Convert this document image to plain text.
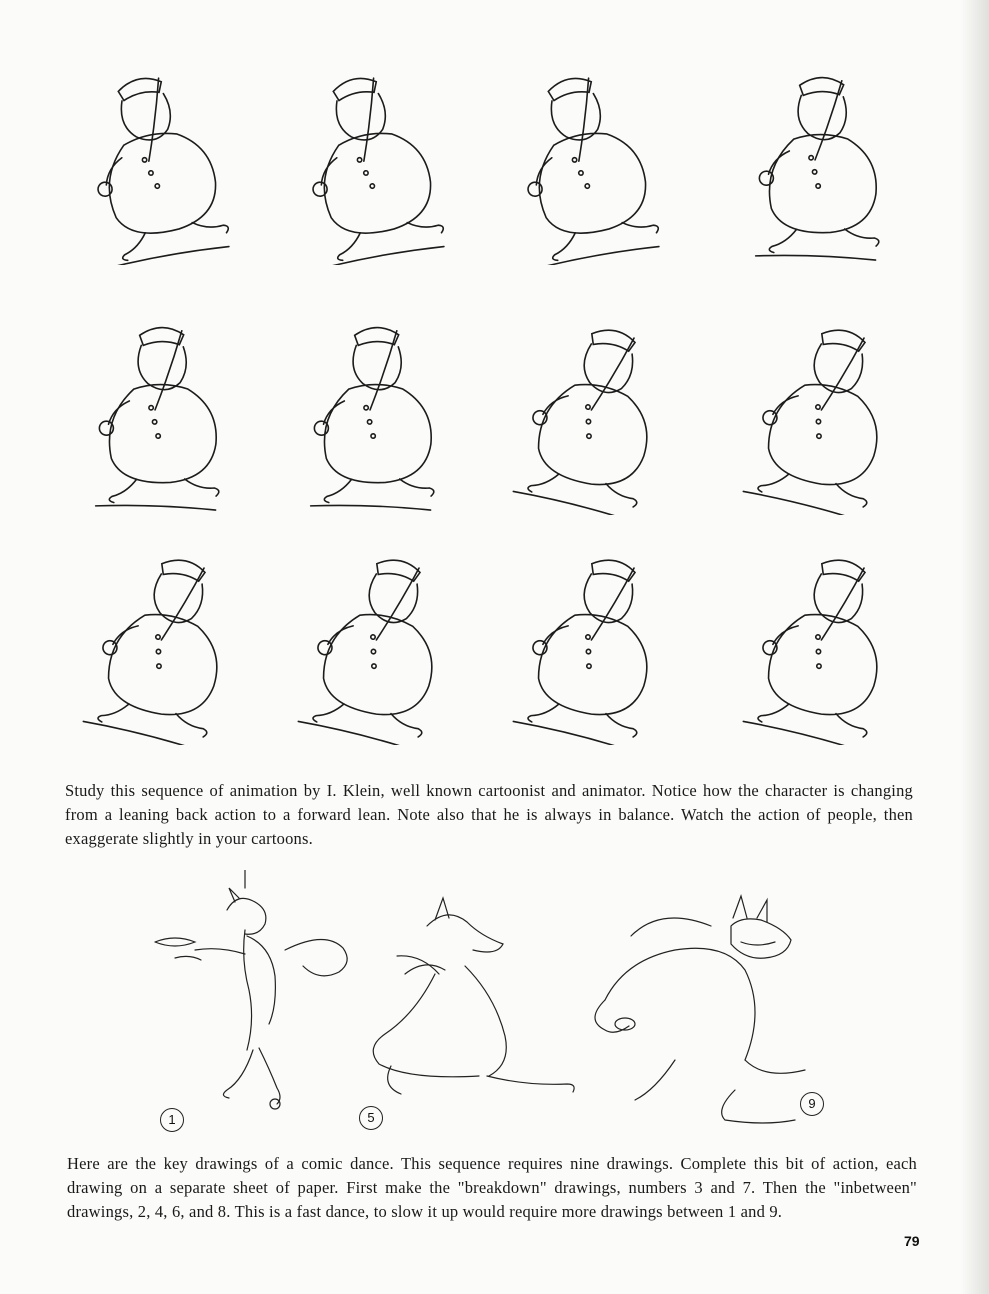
Study this sequence of animation by I. Klein, well known cartoonist and animator. Notice how the character is changing from a leaning back action to a forward lean. Note also that he is always in balance. Watch the action of people, then exaggerate slightly in your cartoons.

1	5
9

Here are the key drawings of a comic dance. This sequence requires nine drawings. Complete this bit of action, each drawing on a separate sheet of paper. First make the "breakdown" drawings, numbers 3 and 7. Then the "inbetween" drawings, 2, 4, 6, and 8. This is a fast dance, to slow it up would require more drawings between 1 and 9.

79
